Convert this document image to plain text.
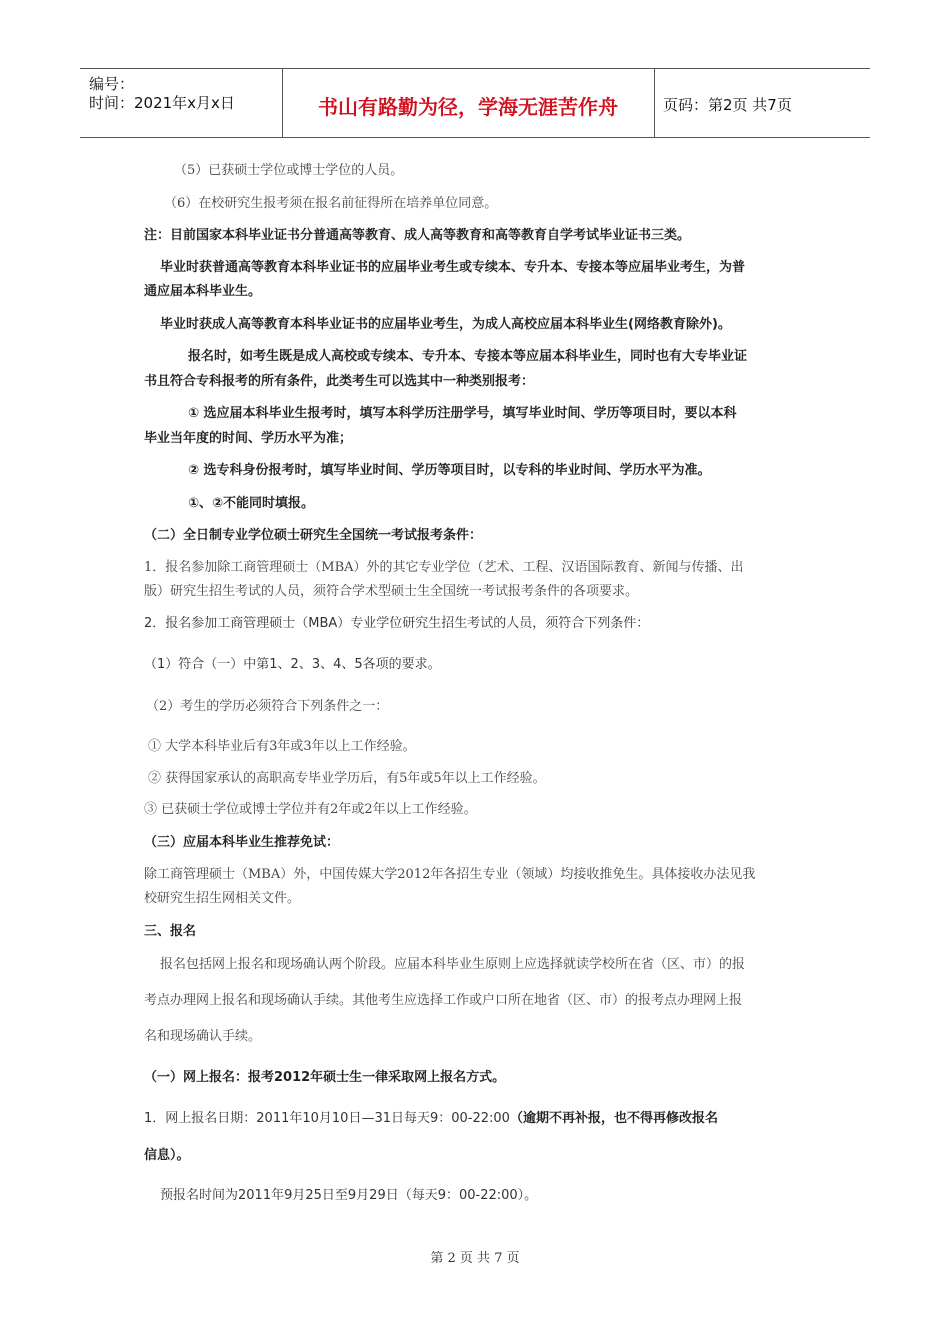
编号：
时间：2021年x月x日	书山有路勤为径，学海无涯苦作舟	页码：第2页 共7页
（5）已获硕士学位或博士学位的人员。
（6）在校研究生报考须在报名前征得所在培养单位同意。
注：目前国家本科毕业证书分普通高等教育、成人高等教育和高等教育自学考试毕业证书三类。
毕业时获普通高等教育本科毕业证书的应届毕业考生或专续本、专升本、专接本等应届毕业考生，为普
通应届本科毕业生。
毕业时获成人高等教育本科毕业证书的应届毕业考生，为成人高校应届本科毕业生(网络教育除外)。
报名时，如考生既是成人高校或专续本、专升本、专接本等应届本科毕业生，同时也有大专毕业证
书且符合专科报考的所有条件，此类考生可以选其中一种类别报考：
① 选应届本科毕业生报考时，填写本科学历注册学号，填写毕业时间、学历等项目时，要以本科
毕业当年度的时间、学历水平为准；
② 选专科身份报考时，填写毕业时间、学历等项目时，以专科的毕业时间、学历水平为准。
①、②不能同时填报。
（二）全日制专业学位硕士研究生全国统一考试报考条件：
1．报名参加除工商管理硕士（MBA）外的其它专业学位（艺术、工程、汉语国际教育、新闻与传播、出
版）研究生招生考试的人员，须符合学术型硕士生全国统一考试报考条件的各项要求。
2．报名参加工商管理硕士（MBA）专业学位研究生招生考试的人员，须符合下列条件：
（1）符合（一）中第1、2、3、4、5各项的要求。
（2）考生的学历必须符合下列条件之一：
① 大学本科毕业后有3年或3年以上工作经验。
② 获得国家承认的高职高专毕业学历后，有5年或5年以上工作经验。
③ 已获硕士学位或博士学位并有2年或2年以上工作经验。
（三）应届本科毕业生推荐免试：
除工商管理硕士（MBA）外，中国传媒大学2012年各招生专业（领域）均接收推免生。具体接收办法见我
校研究生招生网相关文件。
三、报名
报名包括网上报名和现场确认两个阶段。应届本科毕业生原则上应选择就读学校所在省（区、市）的报
考点办理网上报名和现场确认手续。其他考生应选择工作或户口所在地省（区、市）的报考点办理网上报
名和现场确认手续。
（一）网上报名：报考2012年硕士生一律采取网上报名方式。
1．网上报名日期：2011年10月10日—31日每天9：00-22:00（逾期不再补报，也不得再修改报名
信息）。
预报名时间为2011年9月25日至9月29日（每天9：00-22:00）。
第 2 页 共 7 页
